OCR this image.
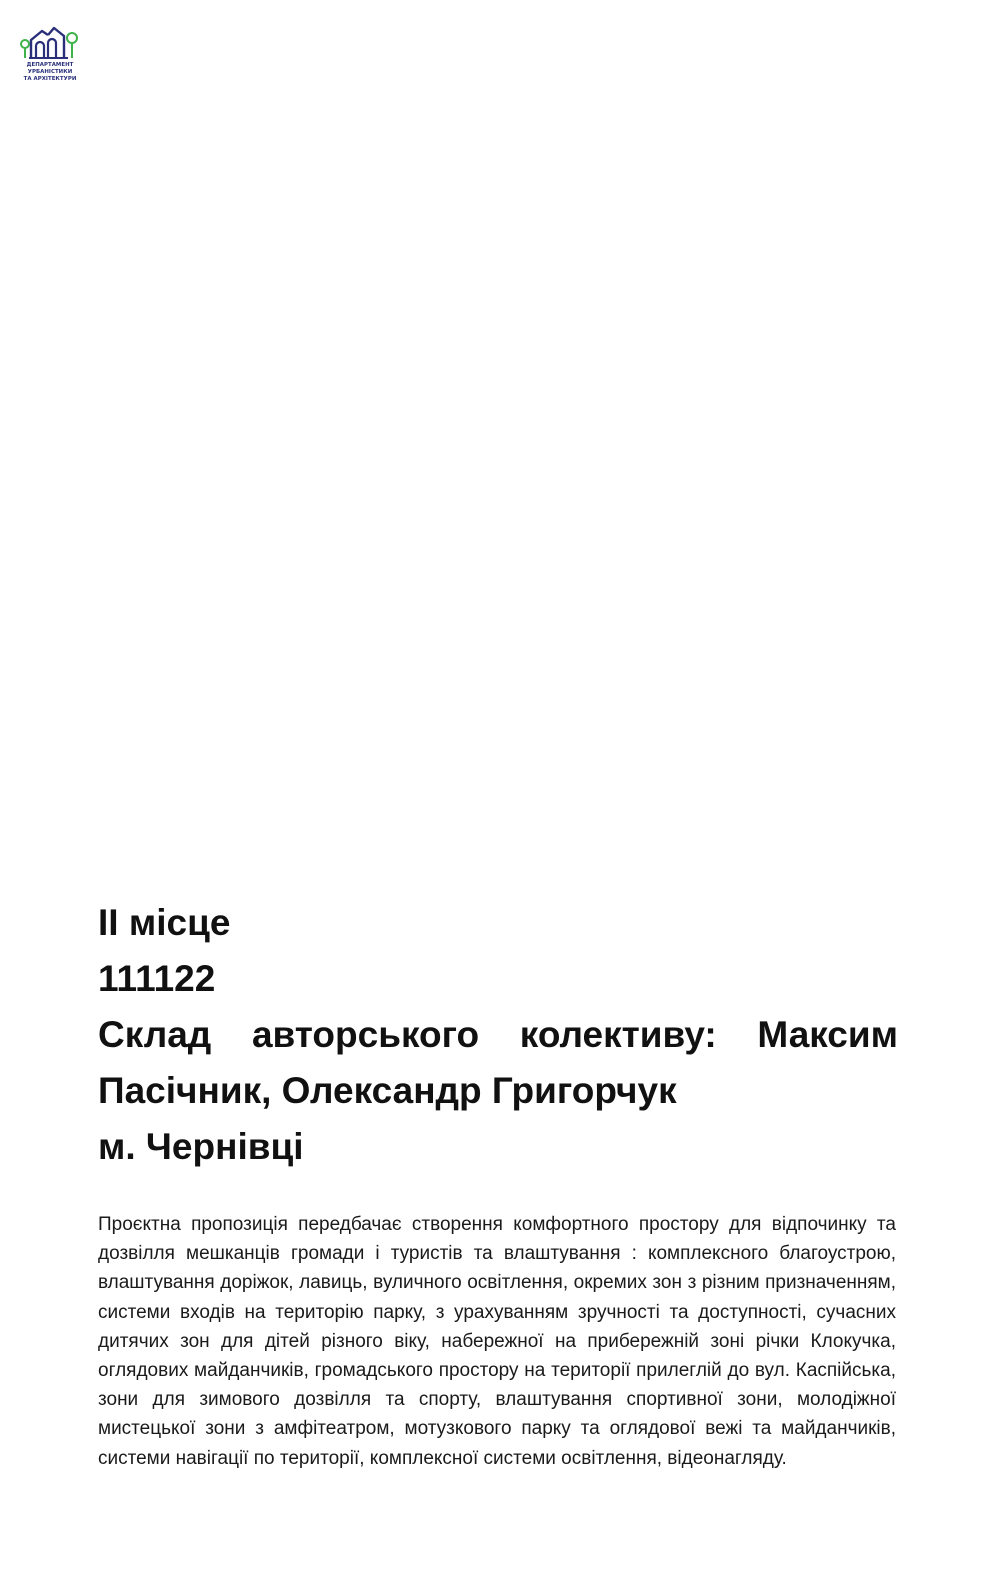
ДЕПАРТАМЕНТ
УРБАНІСТИКИ
ТА АРХІТЕКТУРИ

ІІ місце

111122

Склад авторського колективу: Максим Пасічник, Олександр Григорчук

м. Чернівці

Проєктна пропозиція передбачає створення комфортного простору для відпочинку та дозвілля мешканців громади і туристів та влаштування : комплексного благоустрою, влаштування доріжок, лавиць, вуличного освітлення, окремих зон з різним призначенням, системи входів на територію парку, з урахуванням зручності та доступності, сучасних дитячих зон для дітей різного віку, набережної на прибережній зоні річки Клокучка, оглядових майданчиків, громадського простору на території прилеглій до вул. Каспійська, зони для зимового дозвілля та спорту, влаштування спортивної зони, молодіжної мистецької зони з амфітеатром, мотузкового парку та оглядової вежі та майданчиків, системи навігації по території, комплексної системи освітлення, відеонагляду.
